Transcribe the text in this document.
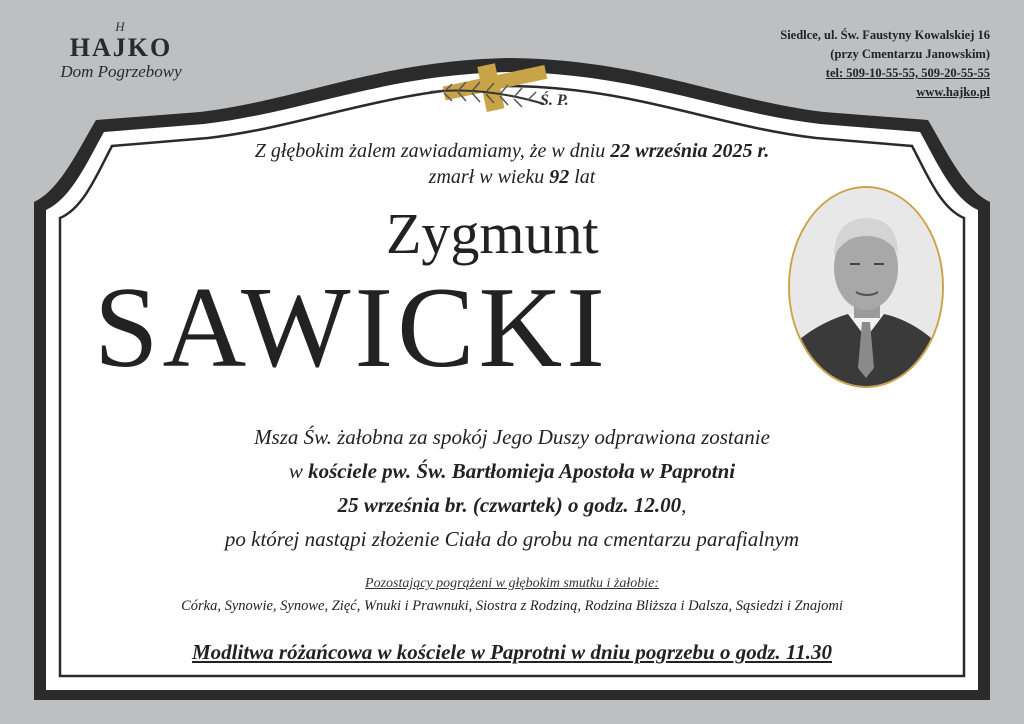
H
HAJKO
Dom Pogrzebowy
Siedlce, ul. Św. Faustyny Kowalskiej 16
(przy Cmentarzu Janowskim)
tel: 509-10-55-55, 509-20-55-55
www.hajko.pl
Ś. P.
Z głębokim żalem zawiadamiamy, że w dniu 22 września 2025 r.
zmarł w wieku 92 lat
Zygmunt
SAWICKI
Msza Św. żałobna za spokój Jego Duszy odprawiona zostanie
w kościele pw. Św. Bartłomieja Apostoła w Paprotni
25 września br. (czwartek) o godz. 12.00,
po której nastąpi złożenie Ciała do grobu na cmentarzu parafialnym
Pozostający pogrążeni w głębokim smutku i żałobie:
Córka, Synowie, Synowe, Zięć, Wnuki i Prawnuki, Siostra z Rodziną, Rodzina Bliższa i Dalsza, Sąsiedzi i Znajomi
Modlitwa różańcowa w kościele w Paprotni w dniu pogrzebu o godz. 11.30
